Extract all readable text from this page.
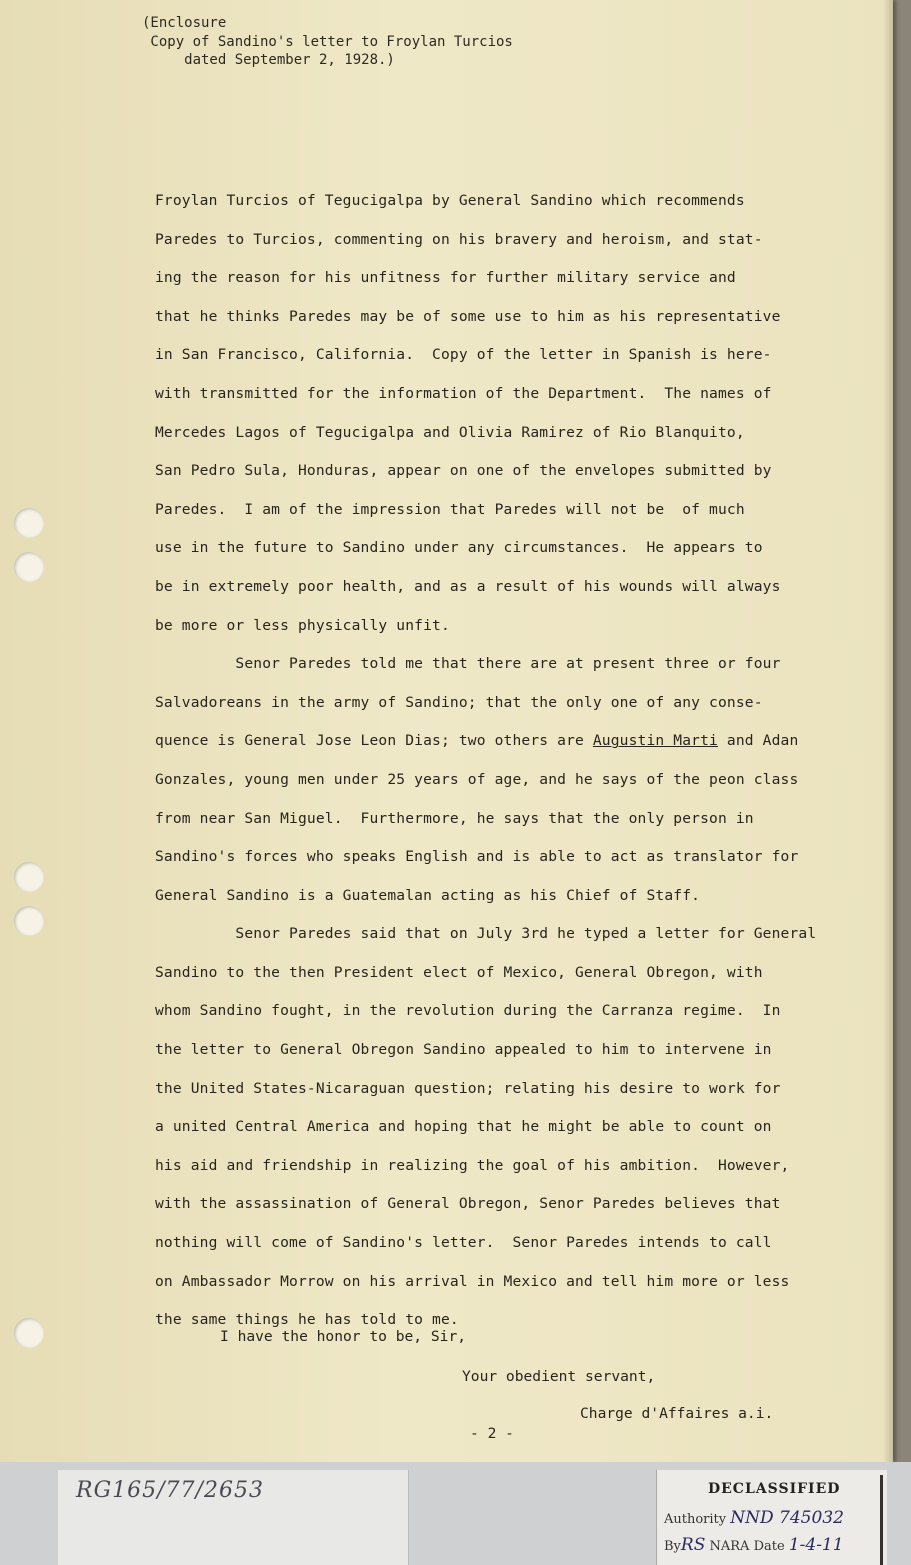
(Enclosure
Copy of Sandino's letter to Froylan Turcios
dated September 2, 1928.)
Froylan Turcios of Tegucigalpa by General Sandino which recommends
Paredes to Turcios, commenting on his bravery and heroism, and stat-
ing the reason for his unfitness for further military service and
that he thinks Paredes may be of some use to him as his representative
in San Francisco, California.  Copy of the letter in Spanish is here-
with transmitted for the information of the Department.  The names of
Mercedes Lagos of Tegucigalpa and Olivia Ramirez of Rio Blanquito,
San Pedro Sula, Honduras, appear on one of the envelopes submitted by
Paredes.  I am of the impression that Paredes will not be  of much
use in the future to Sandino under any circumstances.  He appears to
be in extremely poor health, and as a result of his wounds will always
be more or less physically unfit.
Senor Paredes told me that there are at present three or four
Salvadoreans in the army of Sandino; that the only one of any conse-
quence is General Jose Leon Dias; two others are Augustin Marti and Adan
Gonzales, young men under 25 years of age, and he says of the peon class
from near San Miguel.  Furthermore, he says that the only person in
Sandino's forces who speaks English and is able to act as translator for
General Sandino is a Guatemalan acting as his Chief of Staff.
Senor Paredes said that on July 3rd he typed a letter for General
Sandino to the then President elect of Mexico, General Obregon, with
whom Sandino fought, in the revolution during the Carranza regime.  In
the letter to General Obregon Sandino appealed to him to intervene in
the United States-Nicaraguan question; relating his desire to work for
a united Central America and hoping that he might be able to count on
his aid and friendship in realizing the goal of his ambition.  However,
with the assassination of General Obregon, Senor Paredes believes that
nothing will come of Sandino's letter.  Senor Paredes intends to call
on Ambassador Morrow on his arrival in Mexico and tell him more or less
the same things he has told to me.
I have the honor to be, Sir,
Your obedient servant,
Charge d'Affaires a.i.
- 2 -
RG165/77/2653	DECLASSIFIED
Authority NND 745032
ByRS NARA Date 1-4-11
